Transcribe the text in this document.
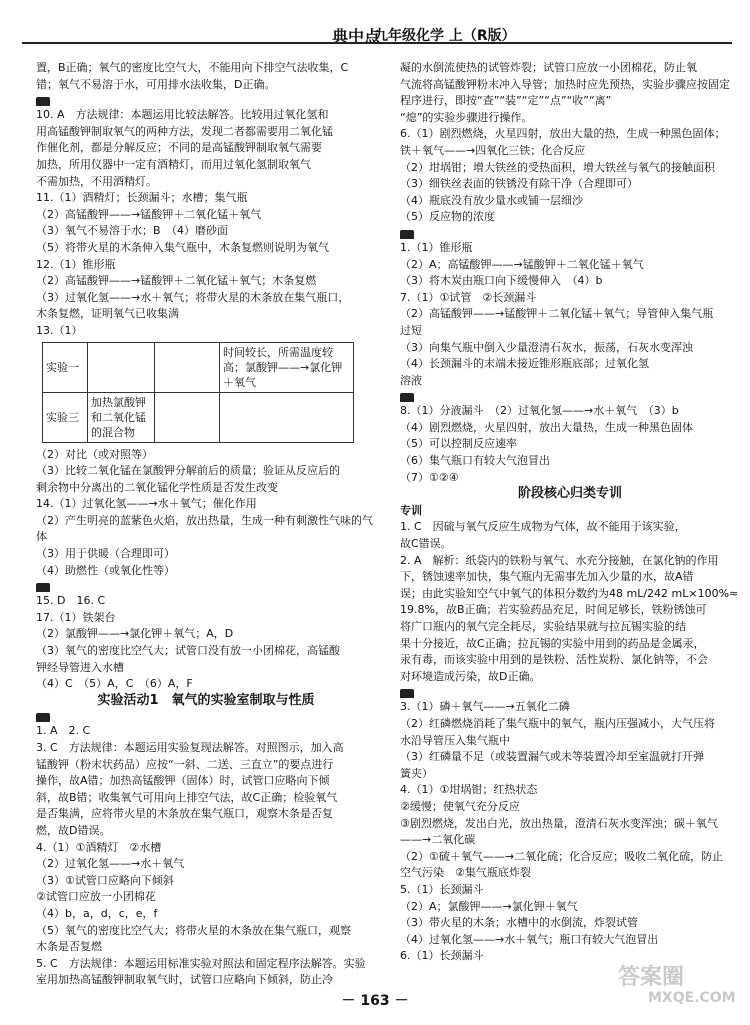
典中点
九年级化学 上（R版）

置，B正确；氧气的密度比空气大，不能用向下排空气法收集，C

错；氧气不易溶于水，可用排水法收集，D正确。

10. A　方法规律：本题运用比较法解答。比较用过氧化氢和

用高锰酸钾制取氧气的两种方法，发现二者都需要用二氧化锰

作催化剂，都是分解反应；不同的是高锰酸钾制取氧气需要

加热，所用仪器中一定有酒精灯，而用过氧化氢制取氧气

不需加热，不用酒精灯。

11.（1）酒精灯；长颈漏斗；水槽；集气瓶

（2）高锰酸钾——→锰酸钾＋二氧化锰＋氧气

（3）氧气不易溶于水；B　（4）磨砂面

（5）将带火星的木条伸入集气瓶中，木条复燃则说明为氧气

12.（1）锥形瓶

（2）高锰酸钾——→锰酸钾＋二氧化锰＋氧气；木条复燃

（3）过氧化氢——→水＋氧气；将带火星的木条放在集气瓶口，

木条复燃，证明氧气已收集满

13.（1）

实验一			时间较长，所需温度较高；氯酸钾——→氯化钾＋氧气
实验三	加热氯酸钾和二氧化锰的混合物		

（2）对比（或对照等）

（3）比较二氧化锰在氯酸钾分解前后的质量；验证从反应后的

剩余物中分离出的二氧化锰化学性质是否发生改变

14.（1）过氧化氢——→水＋氧气；催化作用

（2）产生明亮的蓝紫色火焰，放出热量，生成一种有刺激性气味的气体

（3）用于供暖（合理即可）

（4）助燃性（或氧化性等）

15. D　16. C

17.（1）铁架台

（2）氯酸钾——→氯化钾＋氧气；A，D

（3）氧气的密度比空气大；试管口没有放一小团棉花，高锰酸

钾经导管进入水槽

（4）C　（5）A，C　（6）A，F

实验活动1　氧气的实验室制取与性质

1. A　2. C

3. C　方法规律：本题运用实验复现法解答。对照图示，加入高

锰酸钾（粉末状药品）应按“一斜、二送、三直立”的要点进行

操作，故A错；加热高锰酸钾（固体）时，试管口应略向下倾

斜，故B错；收集氧气可用向上排空气法，故C正确；检验氧气

是否集满，应将带火星的木条放在集气瓶口，观察木条是否复

燃，故D错误。

4.（1）①酒精灯　②水槽

（2）过氧化氢——→水＋氧气

（3）①试管口应略向下倾斜

②试管口应放一小团棉花

（4）b，a，d，c，e，f

（5）氧气的密度比空气大；将带火星的木条放在集气瓶口，观察

木条是否复燃

5. C　方法规律：本题运用标准实验对照法和固定程序法解答。实验

室用加热高锰酸钾制取氧气时，试管口应略向下倾斜，防止冷

凝的水倒流使热的试管炸裂；试管口应放一小团棉花，防止氧

气流将高锰酸钾粉末冲入导管；加热时应先预热，实验步骤应按固定程序进行，即按“查”“装”“定”“点”“收”“离”

“熄”的实验步骤进行操作。

6.（1）剧烈燃烧，火星四射，放出大量的热，生成一种黑色固体；

铁＋氧气——→四氧化三铁；化合反应

（2）坩埚钳；增大铁丝的受热面积，增大铁丝与氧气的接触面积

（3）细铁丝表面的铁锈没有除干净（合理即可）

（4）瓶底没有放少量水或铺一层细沙

（5）反应物的浓度

1.（1）锥形瓶

（2）A；高锰酸钾——→锰酸钾＋二氧化锰＋氧气

（3）将木炭由瓶口向下缓慢伸入　（4）b

7.（1）①试管　②长颈漏斗

（2）高锰酸钾——→锰酸钾＋二氧化锰＋氧气；导管伸入集气瓶

过短

（3）向集气瓶中倒入少量澄清石灰水，振荡，石灰水变浑浊

（4）长颈漏斗的末端未接近锥形瓶底部；过氧化氢

溶液

8.（1）分液漏斗　（2）过氧化氢——→水＋氧气　（3）b

（4）剧烈燃烧，火星四射，放出大量热，生成一种黑色固体

（5）可以控制反应速率

（6）集气瓶口有较大气泡冒出

（7）①②④

阶段核心归类专训

专训

1. C　因硫与氧气反应生成物为气体，故不能用于该实验，

故C错误。

2. A　解析：纸袋内的铁粉与氧气、水充分接触，在氯化钠的作用

下，锈蚀速率加快，集气瓶内无需事先加入少量的水，故A错

误；由此实验知空气中氧气的体积分数约为48 mL/242 mL×100%≈

19.8%，故B正确；若实验药品充足，时间足够长，铁粉锈蚀可

将广口瓶内的氧气完全耗尽，实验结果就与拉瓦锡实验的结

果十分接近，故C正确；拉瓦锡的实验中用到的药品是金属汞，

汞有毒，而该实验中用到的是铁粉、活性炭粉、氯化钠等，不会

对环境造成污染，故D正确。

3.（1）磷＋氧气——→五氧化二磷

（2）红磷燃烧消耗了集气瓶中的氧气，瓶内压强减小，大气压将

水沿导管压入集气瓶中

（3）红磷量不足（或装置漏气或未等装置冷却至室温就打开弹

簧夹）

4.（1）①坩埚钳；红热状态

②缓慢；使氧气充分反应

③剧烈燃烧，发出白光，放出热量，澄清石灰水变浑浊；碳＋氧气

——→二氧化碳

（2）①硫＋氧气——→二氧化硫；化合反应；吸收二氧化硫，防止

空气污染　②集气瓶底炸裂

5.（1）长颈漏斗

（2）A；氯酸钾——→氯化钾＋氧气

（3）带火星的木条；水槽中的水倒流，炸裂试管

（4）过氧化氢——→水＋氧气；瓶口有较大气泡冒出

6.（1）长颈漏斗

－ 163 －
答案圈
MXQE.COM
